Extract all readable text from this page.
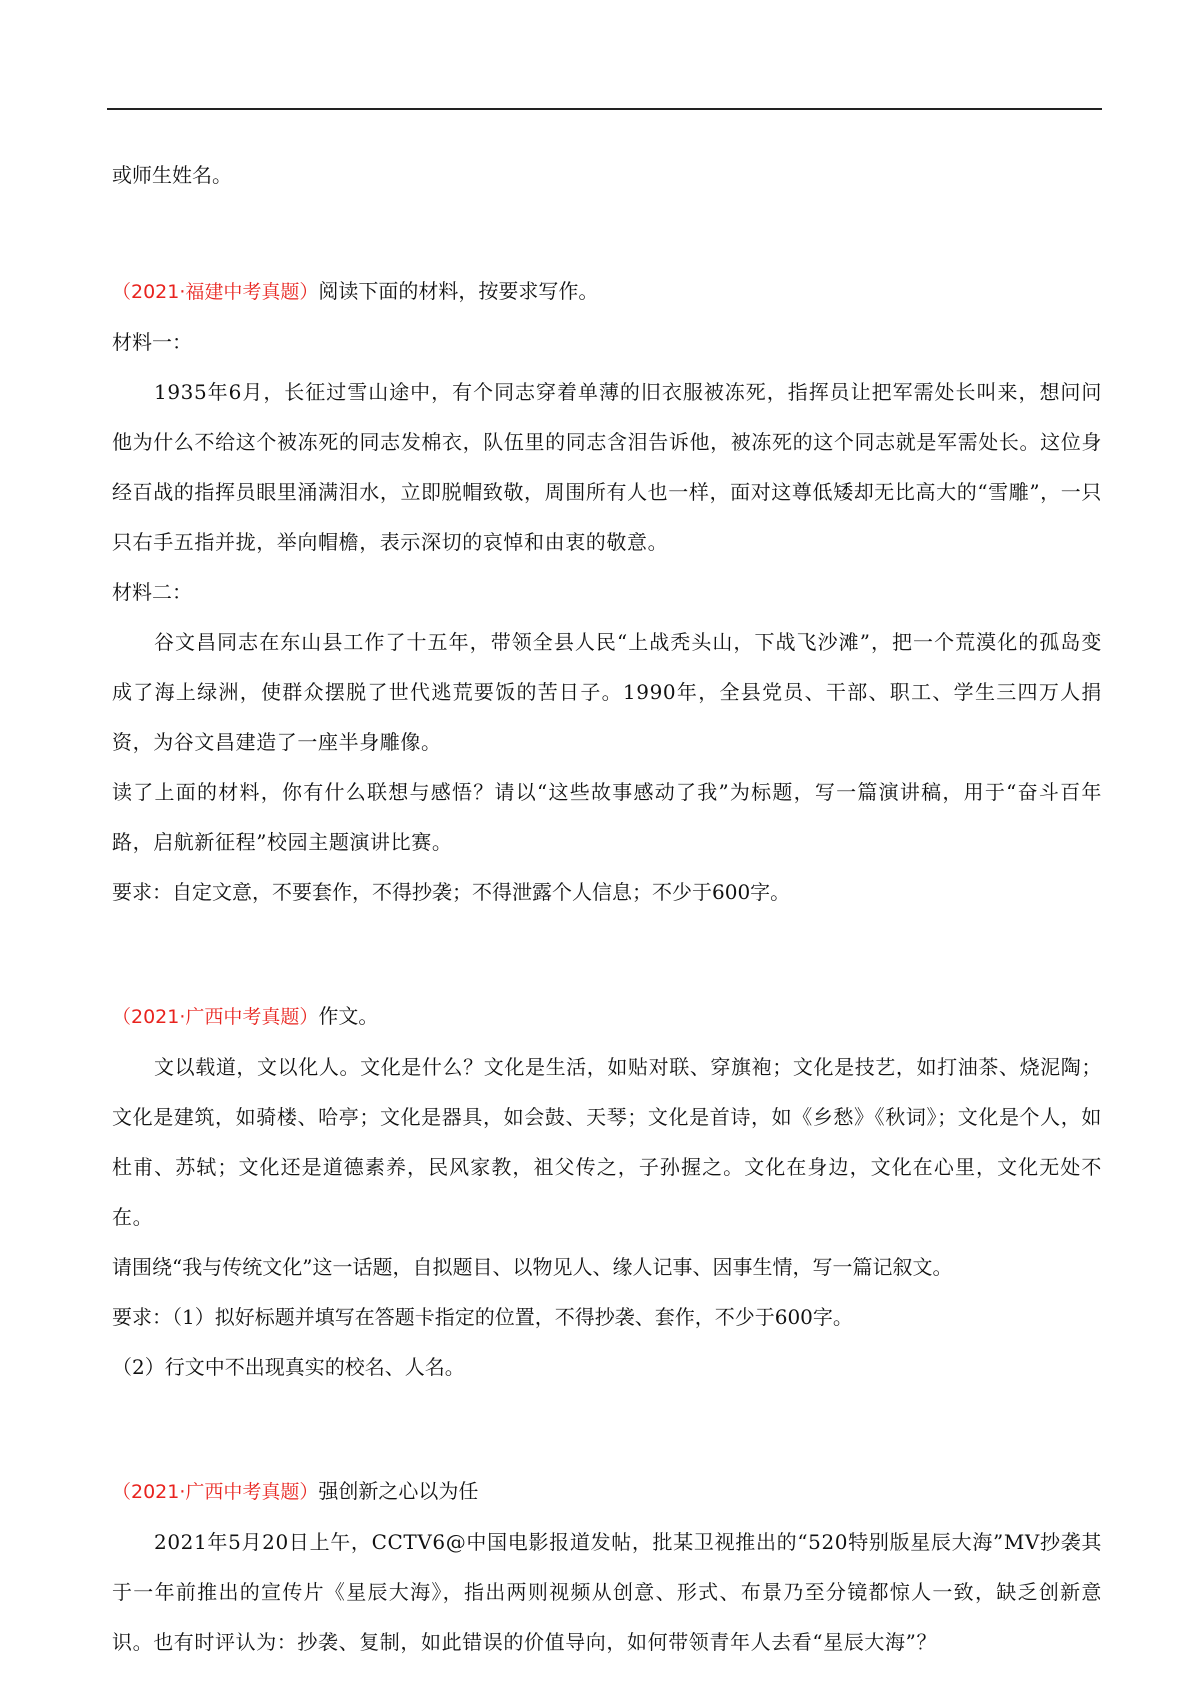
或师生姓名。

（2021·福建中考真题）阅读下面的材料，按要求写作。

材料一：

1935年6月，长征过雪山途中，有个同志穿着单薄的旧衣服被冻死，指挥员让把军需处长叫来，想问问他为什么不给这个被冻死的同志发棉衣，队伍里的同志含泪告诉他，被冻死的这个同志就是军需处长。这位身经百战的指挥员眼里涌满泪水，立即脱帽致敬，周围所有人也一样，面对这尊低矮却无比高大的“雪雕”，一只只右手五指并拢，举向帽檐，表示深切的哀悼和由衷的敬意。

材料二：

谷文昌同志在东山县工作了十五年，带领全县人民“上战秃头山，下战飞沙滩”，把一个荒漠化的孤岛变成了海上绿洲，使群众摆脱了世代逃荒要饭的苦日子。1990年，全县党员、干部、职工、学生三四万人捐资，为谷文昌建造了一座半身雕像。

读了上面的材料，你有什么联想与感悟？请以“这些故事感动了我”为标题，写一篇演讲稿，用于“奋斗百年路，启航新征程”校园主题演讲比赛。

要求：自定文意，不要套作，不得抄袭；不得泄露个人信息；不少于600字。

（2021·广西中考真题）作文。

文以载道，文以化人。文化是什么？文化是生活，如贴对联、穿旗袍；文化是技艺，如打油茶、烧泥陶；文化是建筑，如骑楼、哈亭；文化是器具，如会鼓、天琴；文化是首诗，如《乡愁》《秋词》；文化是个人，如杜甫、苏轼；文化还是道德素养，民风家教，祖父传之，子孙握之。文化在身边，文化在心里，文化无处不在。

请围绕“我与传统文化”这一话题，自拟题目、以物见人、缘人记事、因事生情，写一篇记叙文。

要求：（1）拟好标题并填写在答题卡指定的位置，不得抄袭、套作，不少于600字。

（2）行文中不出现真实的校名、人名。

（2021·广西中考真题）强创新之心以为任

2021年5月20日上午，CCTV6@中国电影报道发帖，批某卫视推出的“520特别版星辰大海”MV抄袭其于一年前推出的宣传片《星辰大海》，指出两则视频从创意、形式、布景乃至分镜都惊人一致，缺乏创新意识。也有时评认为：抄袭、复制，如此错误的价值导向，如何带领青年人去看“星辰大海”？
